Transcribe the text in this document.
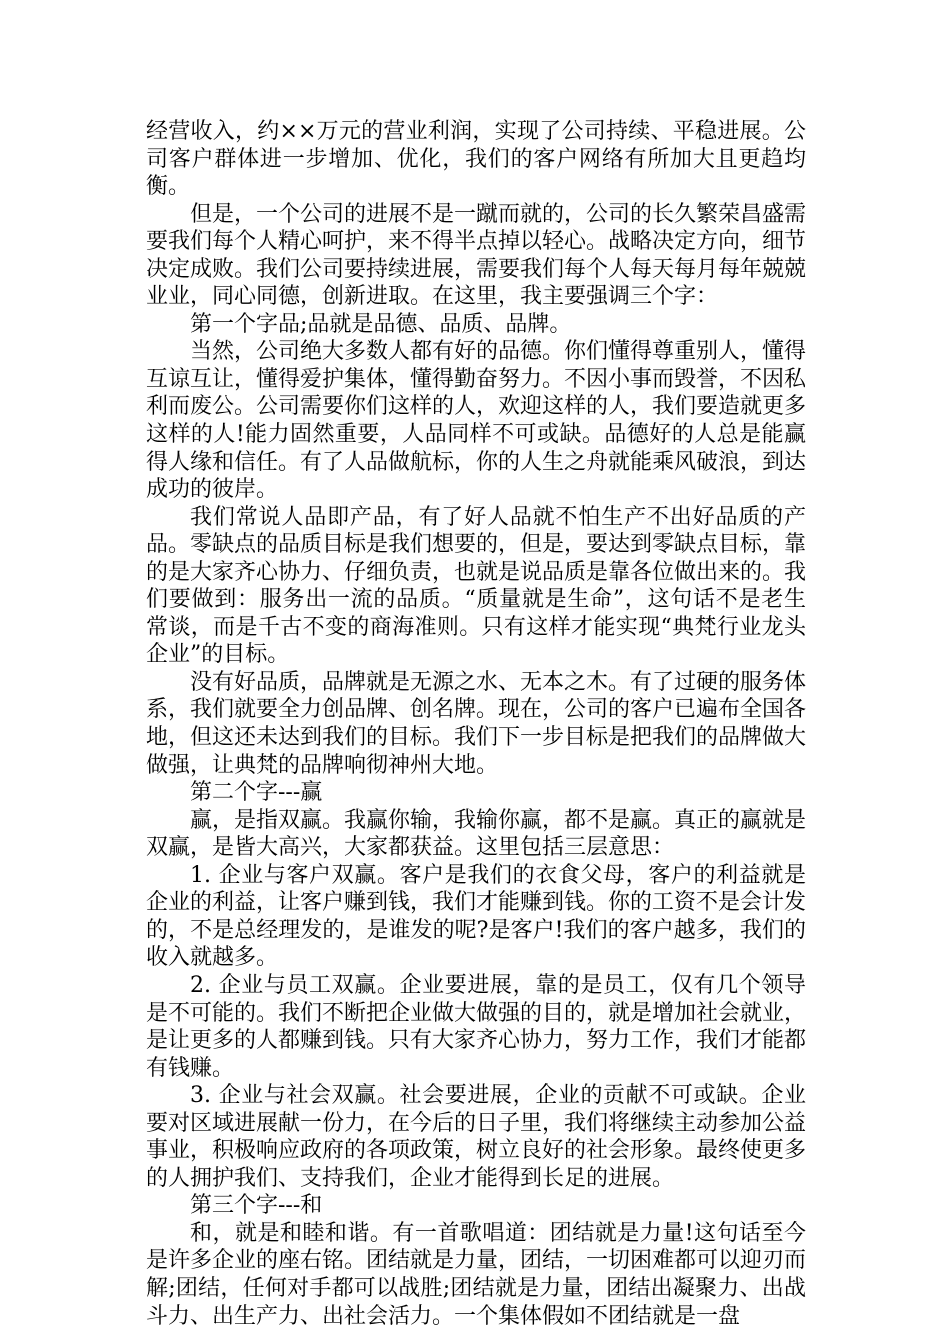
经营收入，约××万元的营业利润，实现了公司持续、平稳进展。公司客户群体进一步增加、优化，我们的客户网络有所加大且更趋均衡。

但是，一个公司的进展不是一蹴而就的，公司的长久繁荣昌盛需要我们每个人精心呵护，来不得半点掉以轻心。战略决定方向，细节决定成败。我们公司要持续进展，需要我们每个人每天每月每年兢兢业业，同心同德，创新进取。在这里，我主要强调三个字：

第一个字品;品就是品德、品质、品牌。

当然，公司绝大多数人都有好的品德。你们懂得尊重别人，懂得互谅互让，懂得爱护集体，懂得勤奋努力。不因小事而毁誉，不因私利而废公。公司需要你们这样的人，欢迎这样的人，我们要造就更多这样的人!能力固然重要，人品同样不可或缺。品德好的人总是能赢得人缘和信任。有了人品做航标，你的人生之舟就能乘风破浪，到达成功的彼岸。

我们常说人品即产品，有了好人品就不怕生产不出好品质的产品。零缺点的品质目标是我们想要的，但是，要达到零缺点目标，靠的是大家齐心协力、仔细负责，也就是说品质是靠各位做出来的。我们要做到：服务出一流的品质。“质量就是生命”，这句话不是老生常谈，而是千古不变的商海准则。只有这样才能实现“典梵行业龙头企业”的目标。

没有好品质，品牌就是无源之水、无本之木。有了过硬的服务体系，我们就要全力创品牌、创名牌。现在，公司的客户已遍布全国各地，但这还未达到我们的目标。我们下一步目标是把我们的品牌做大做强，让典梵的品牌响彻神州大地。

第二个字---赢

赢，是指双赢。我赢你输，我输你赢，都不是赢。真正的赢就是双赢，是皆大高兴，大家都获益。这里包括三层意思：

1. 企业与客户双赢。客户是我们的衣食父母，客户的利益就是企业的利益，让客户赚到钱，我们才能赚到钱。你的工资不是会计发的，不是总经理发的，是谁发的呢?是客户!我们的客户越多，我们的收入就越多。

2. 企业与员工双赢。企业要进展，靠的是员工，仅有几个领导是不可能的。我们不断把企业做大做强的目的，就是增加社会就业，是让更多的人都赚到钱。只有大家齐心协力，努力工作，我们才能都有钱赚。

3. 企业与社会双赢。社会要进展，企业的贡献不可或缺。企业要对区域进展献一份力，在今后的日子里，我们将继续主动参加公益事业，积极响应政府的各项政策，树立良好的社会形象。最终使更多的人拥护我们、支持我们，企业才能得到长足的进展。

第三个字---和

和，就是和睦和谐。有一首歌唱道：团结就是力量!这句话至今是许多企业的座右铭。团结就是力量，团结，一切困难都可以迎刃而解;团结，任何对手都可以战胜;团结就是力量，团结出凝聚力、出战斗力、出生产力、出社会活力。一个集体假如不团结就是一盘
